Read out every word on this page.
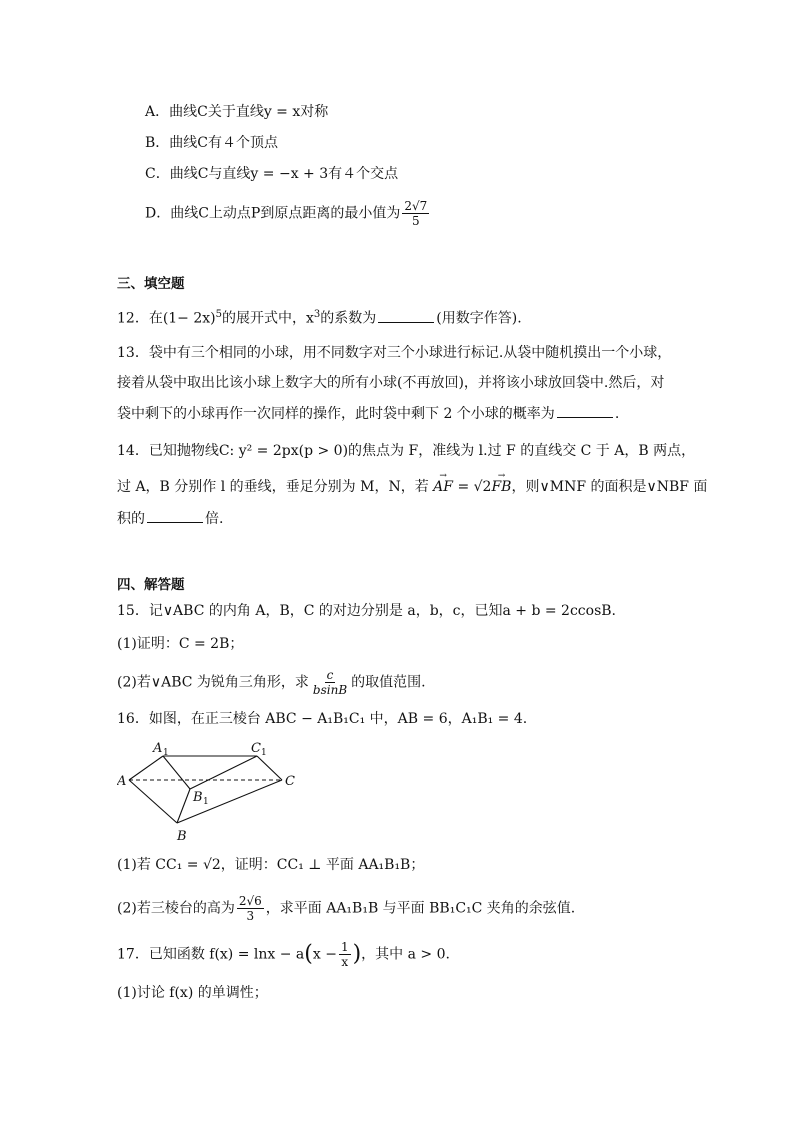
A．曲线C关于直线y = x对称
B．曲线C有４个顶点
C．曲线C与直线y = −x + 3有４个交点
D．曲线C上动点P到原点距离的最小值为 $\frac{2√7}{5}$
三、填空题
12．在$(1- 2x)^5$的展开式中，$x^3$的系数为	(用数字作答).
13．袋中有三个相同的小球，用不同数字对三个小球进行标记.从袋中随机摸出一个小球，
接着从袋中取出比该小球上数字大的所有小球(不再放回)，并将该小球放回袋中.然后，对
袋中剩下的小球再作一次同样的操作，此时袋中剩下 2 个小球的概率为	.
14．已知抛物线C: y² = 2px(p > 0)的焦点为 F，准线为 l.过 F 的直线交 C 于 A，B 两点，
过 A，B 分别作 l 的垂线，垂足分别为 M，N，若 → AF = √2→ FB，则∨MNF 的面积是∨NBF 面
积的	倍.
四、解答题
15．记∨ABC 的内角 A，B，C 的对边分别是 a，b，c，已知a + b = 2ccosB.
(1)证明：C = 2B；
(2)若∨ABC 为锐角三角形，求 $\frac{c}{bsinB}$ 的取值范围.
16．如图，在正三棱台 ABC − A₁B₁C₁ 中，AB = 6，A₁B₁ = 4.
A 1	C 1
A	C
B 1
B
(1)若 CC₁ = √2，证明：CC₁ ⊥ 平面 AA₁B₁B；
(2)若三棱台的高为 $\frac{2√6}{3}$ ，求平面 AA₁B₁B 与平面 BB₁C₁C 夹角的余弦值.
17．已知函数 $f(x) = \ln x - a(x - \frac{1}{x}$ )，其中 a > 0.
(1)讨论 f(x) 的单调性；
